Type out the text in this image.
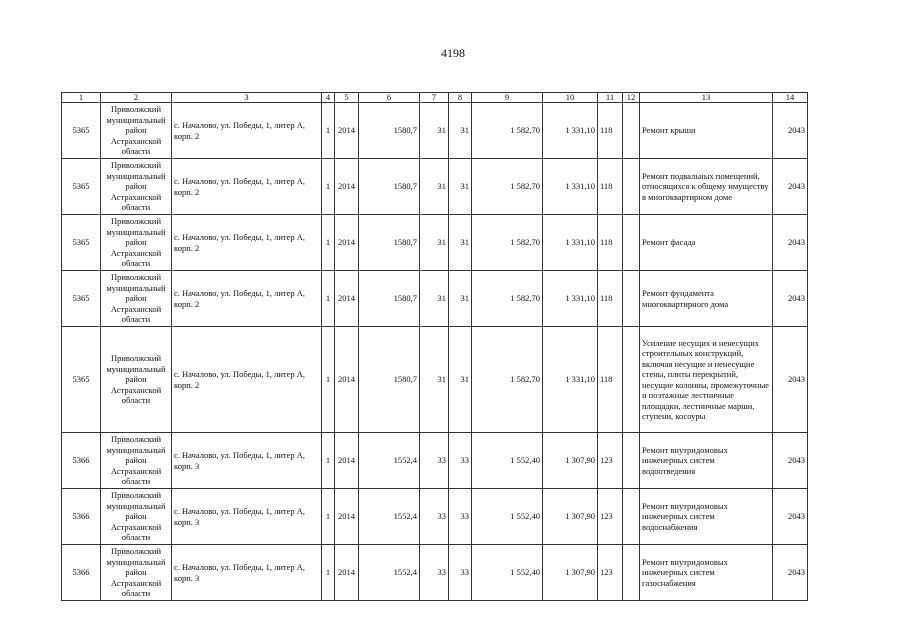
4198
1	2	3	4	5	6	7	8	9	10	11	12	13	14

5365	Приволжский муниципальный район Астраханской области	с. Началово, ул. Победы, 1, литер А, корп. 2	1	2014	1580,7	31	31	1 582,70	1 331,10	118		Ремонт крыши	2043

5365	Приволжский муниципальный район Астраханской области	с. Началово, ул. Победы, 1, литер А, корп. 2	1	2014	1580,7	31	31	1 582,70	1 331,10	118		Ремонт подвальных помещений, относящихся к общему имуществу в многоквартирном доме	2043

5365	Приволжский муниципальный район Астраханской области	с. Началово, ул. Победы, 1, литер А, корп. 2	1	2014	1580,7	31	31	1 582,70	1 331,10	118		Ремонт фасада	2043

5365	Приволжский муниципальный район Астраханской области	с. Началово, ул. Победы, 1, литер А, корп. 2	1	2014	1580,7	31	31	1 582,70	1 331,10	118		Ремонт фундамента многоквартирного дома	2043

5365	Приволжский муниципальный район Астраханской области	с. Началово, ул. Победы, 1, литер А, корп. 2	1	2014	1580,7	31	31	1 582,70	1 331,10	118		Усиление несущих и ненесущих строительных конструкций, включая несущие и ненесущие стены, плиты перекрытий, несущие колонны, промежуточные и поэтажные лестничные площадки, лестничные марши, ступени, косоуры	2043

5366	Приволжский муниципальный район Астраханской области	с. Началово, ул. Победы, 1, литер А, корп. 3	1	2014	1552,4	33	33	1 552,40	1 307,90	123		Ремонт внутридомовых инженерных систем водоотведения	2043

5366	Приволжский муниципальный район Астраханской области	с. Началово, ул. Победы, 1, литер А, корп. 3	1	2014	1552,4	33	33	1 552,40	1 307,90	123		Ремонт внутридомовых инженерных систем водоснабжения	2043

5366	Приволжский муниципальный район Астраханской области	с. Началово, ул. Победы, 1, литер А, корп. 3	1	2014	1552,4	33	33	1 552,40	1 307,90	123		Ремонт внутридомовых инженерных систем газоснабжения	2043
